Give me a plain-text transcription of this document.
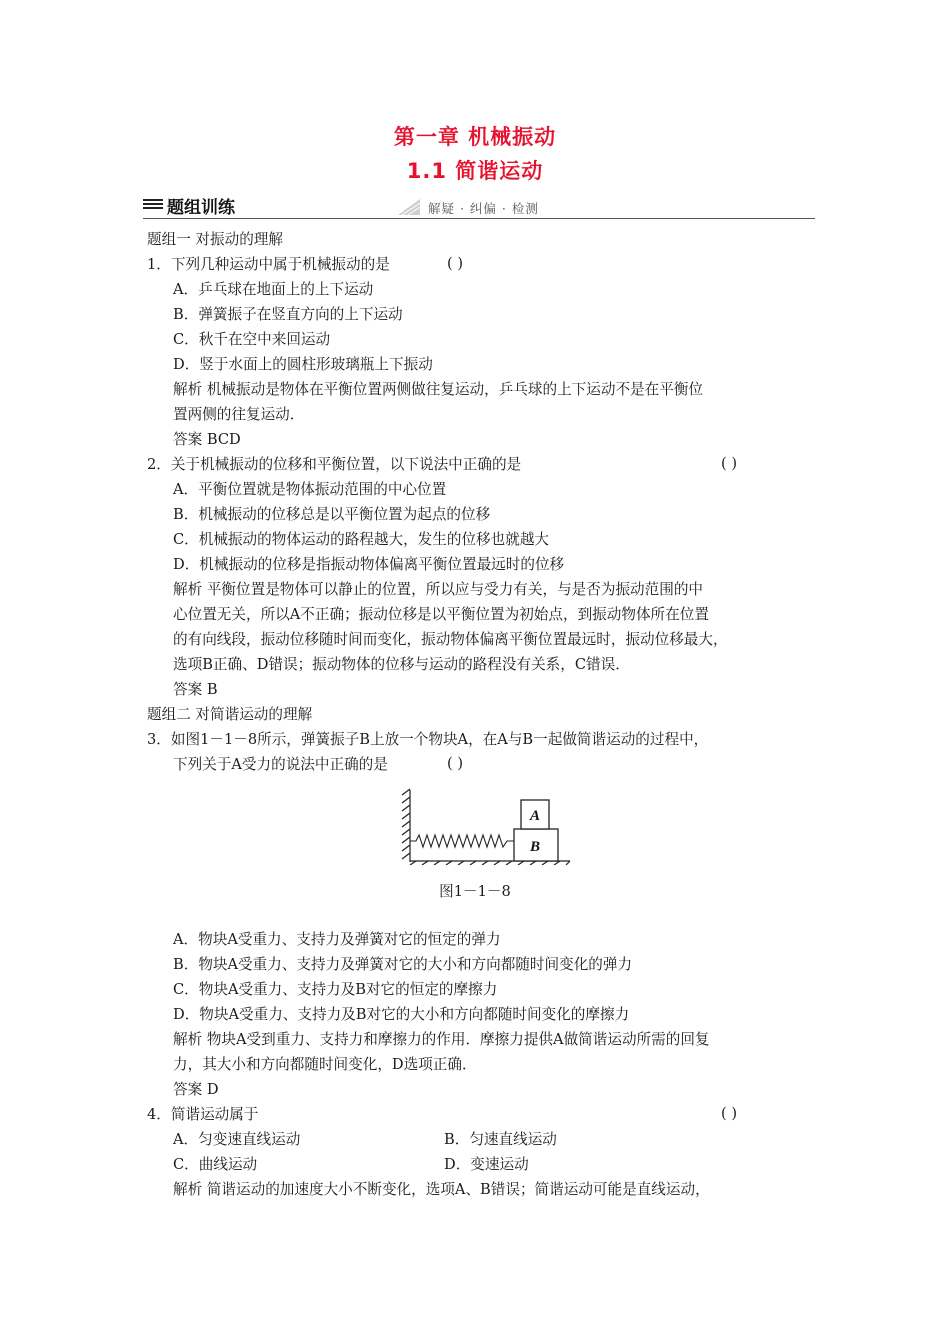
第一章 机械振动
1.1 简谐运动
题组训练	解疑 · 纠偏 · 检测
题组一 对振动的理解
1．下列几种运动中属于机械振动的是	( )
A．乒乓球在地面上的上下运动
B．弹簧振子在竖直方向的上下运动
C．秋千在空中来回运动
D．竖于水面上的圆柱形玻璃瓶上下振动
解析 机械振动是物体在平衡位置两侧做往复运动，乒乓球的上下运动不是在平衡位
置两侧的往复运动．
答案 BCD
2．关于机械振动的位移和平衡位置，以下说法中正确的是	( )
A．平衡位置就是物体振动范围的中心位置
B．机械振动的位移总是以平衡位置为起点的位移
C．机械振动的物体运动的路程越大，发生的位移也就越大
D．机械振动的位移是指振动物体偏离平衡位置最远时的位移
解析 平衡位置是物体可以静止的位置，所以应与受力有关，与是否为振动范围的中
心位置无关，所以A不正确；振动位移是以平衡位置为初始点，到振动物体所在位置
的有向线段，振动位移随时间而变化，振动物体偏离平衡位置最远时，振动位移最大，
选项B正确、D错误；振动物体的位移与运动的路程没有关系，C错误．
答案 B
题组二 对简谐运动的理解
3．如图1－1－8所示，弹簧振子B上放一个物块A，在A与B一起做简谐运动的过程中，
下列关于A受力的说法中正确的是	( )
A
B
图1－1－8
A．物块A受重力、支持力及弹簧对它的恒定的弹力
B．物块A受重力、支持力及弹簧对它的大小和方向都随时间变化的弹力
C．物块A受重力、支持力及B对它的恒定的摩擦力
D．物块A受重力、支持力及B对它的大小和方向都随时间变化的摩擦力
解析 物块A受到重力、支持力和摩擦力的作用．摩擦力提供A做简谐运动所需的回复
力，其大小和方向都随时间变化，D选项正确．
答案 D
4．简谐运动属于	( )
A．匀变速直线运动	B．匀速直线运动
C．曲线运动	D．变速运动
解析 简谐运动的加速度大小不断变化，选项A、B错误；简谐运动可能是直线运动，
